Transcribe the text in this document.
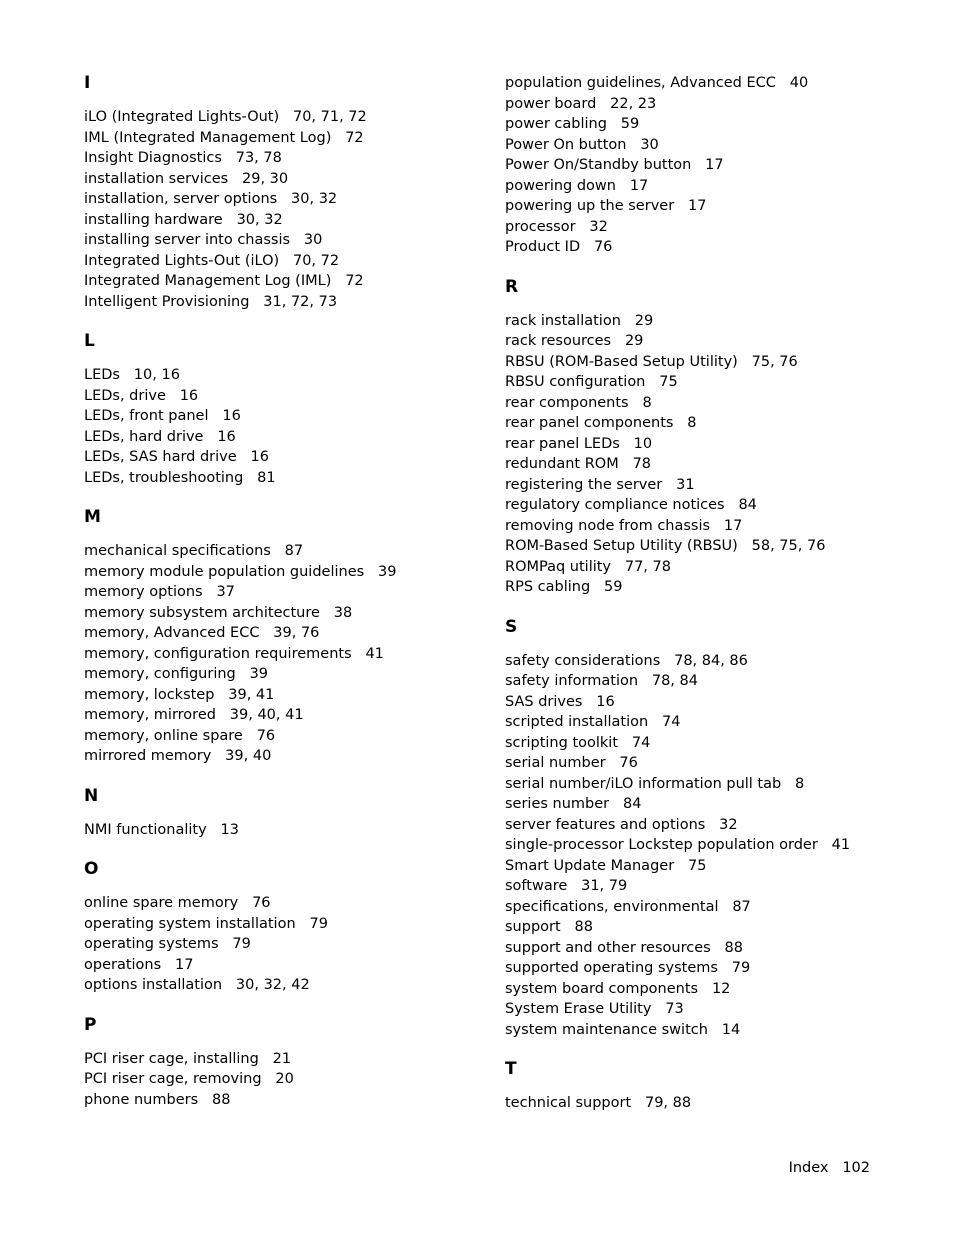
I
iLO (Integrated Lights-Out) 70, 71, 72
IML (Integrated Management Log) 72
Insight Diagnostics 73, 78
installation services 29, 30
installation, server options 30, 32
installing hardware 30, 32
installing server into chassis 30
Integrated Lights-Out (iLO) 70, 72
Integrated Management Log (IML) 72
Intelligent Provisioning 31, 72, 73
L
LEDs 10, 16
LEDs, drive 16
LEDs, front panel 16
LEDs, hard drive 16
LEDs, SAS hard drive 16
LEDs, troubleshooting 81
M
mechanical specifications 87
memory module population guidelines 39
memory options 37
memory subsystem architecture 38
memory, Advanced ECC 39, 76
memory, configuration requirements 41
memory, configuring 39
memory, lockstep 39, 41
memory, mirrored 39, 40, 41
memory, online spare 76
mirrored memory 39, 40
N
NMI functionality 13
O
online spare memory 76
operating system installation 79
operating systems 79
operations 17
options installation 30, 32, 42
P
PCI riser cage, installing 21
PCI riser cage, removing 20
phone numbers 88
population guidelines, Advanced ECC 40
power board 22, 23
power cabling 59
Power On button 30
Power On/Standby button 17
powering down 17
powering up the server 17
processor 32
Product ID 76
R
rack installation 29
rack resources 29
RBSU (ROM-Based Setup Utility) 75, 76
RBSU configuration 75
rear components 8
rear panel components 8
rear panel LEDs 10
redundant ROM 78
registering the server 31
regulatory compliance notices 84
removing node from chassis 17
ROM-Based Setup Utility (RBSU) 58, 75, 76
ROMPaq utility 77, 78
RPS cabling 59
S
safety considerations 78, 84, 86
safety information 78, 84
SAS drives 16
scripted installation 74
scripting toolkit 74
serial number 76
serial number/iLO information pull tab 8
series number 84
server features and options 32
single-processor Lockstep population order 41
Smart Update Manager 75
software 31, 79
specifications, environmental 87
support 88
support and other resources 88
supported operating systems 79
system board components 12
System Erase Utility 73
system maintenance switch 14
T
technical support 79, 88
Index 102
